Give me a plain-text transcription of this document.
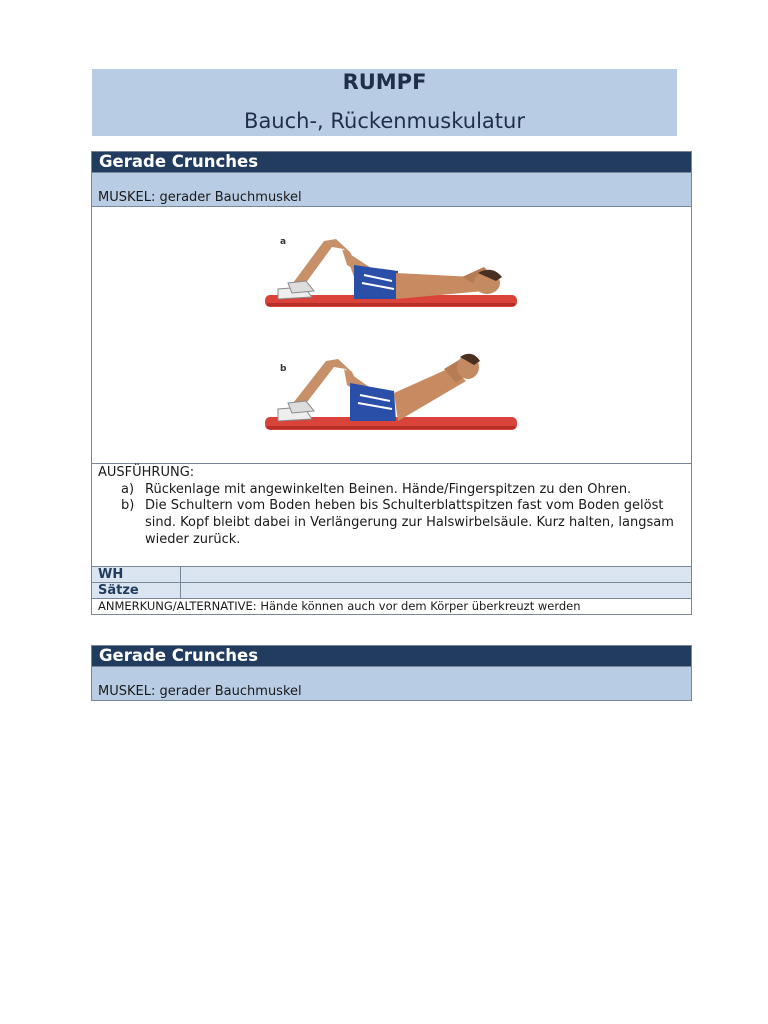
RUMPF
Bauch-, Rückenmuskulatur
Gerade Crunches
MUSKEL: gerader Bauchmuskel
a
b
AUSFÜHRUNG:
a) Rückenlage mit angewinkelten Beinen. Hände/Fingerspitzen zu den Ohren.
b) Die Schultern vom Boden heben bis Schulterblattspitzen fast vom Boden gelöst sind. Kopf bleibt dabei in Verlängerung zur Halswirbelsäule. Kurz halten, langsam wieder zurück.
WH
Sätze
ANMERKUNG/ALTERNATIVE: Hände können auch vor dem Körper überkreuzt werden
Gerade Crunches
MUSKEL: gerader Bauchmuskel
